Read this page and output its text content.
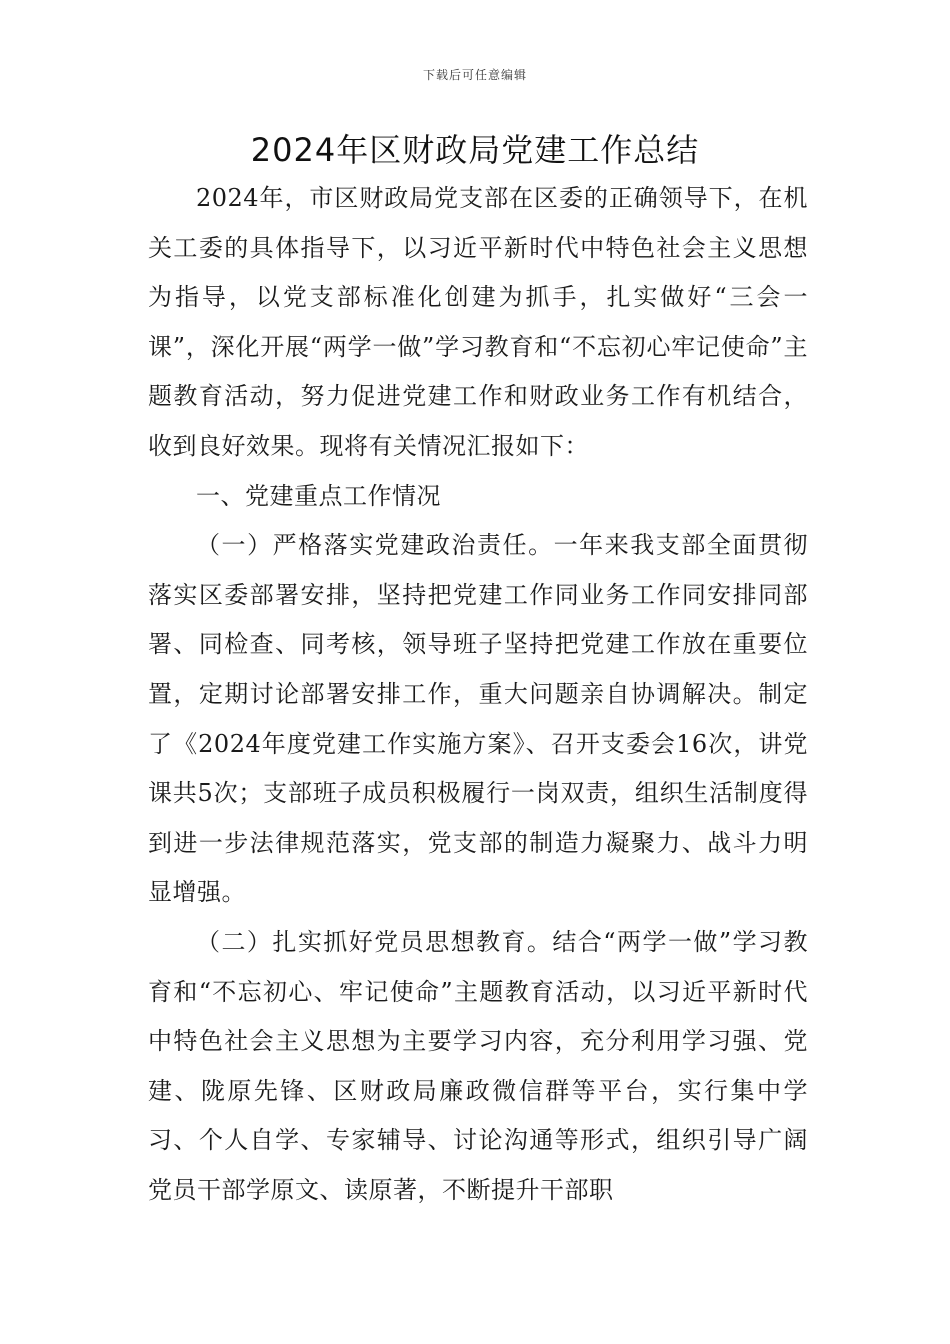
下载后可任意编辑
2024年区财政局党建工作总结

2024年，市区财政局党支部在区委的正确领导下，在机关工委的具体指导下，以习近平新时代中特色社会主义思想为指导，以党支部标准化创建为抓手，扎实做好“三会一课”，深化开展“两学一做”学习教育和“不忘初心牢记使命”主题教育活动，努力促进党建工作和财政业务工作有机结合，收到良好效果。现将有关情况汇报如下：

一、党建重点工作情况

（一）严格落实党建政治责任。一年来我支部全面贯彻落实区委部署安排，坚持把党建工作同业务工作同安排同部署、同检查、同考核，领导班子坚持把党建工作放在重要位置，定期讨论部署安排工作，重大问题亲自协调解决。制定了《2024年度党建工作实施方案》、召开支委会16次，讲党课共5次；支部班子成员积极履行一岗双责，组织生活制度得到进一步法律规范落实，党支部的制造力凝聚力、战斗力明显增强。

（二）扎实抓好党员思想教育。结合“两学一做”学习教育和“不忘初心、牢记使命”主题教育活动，以习近平新时代中特色社会主义思想为主要学习内容，充分利用学习强、党建、陇原先锋、区财政局廉政微信群等平台，实行集中学习、个人自学、专家辅导、讨论沟通等形式，组织引导广阔党员干部学原文、读原著，不断提升干部职
